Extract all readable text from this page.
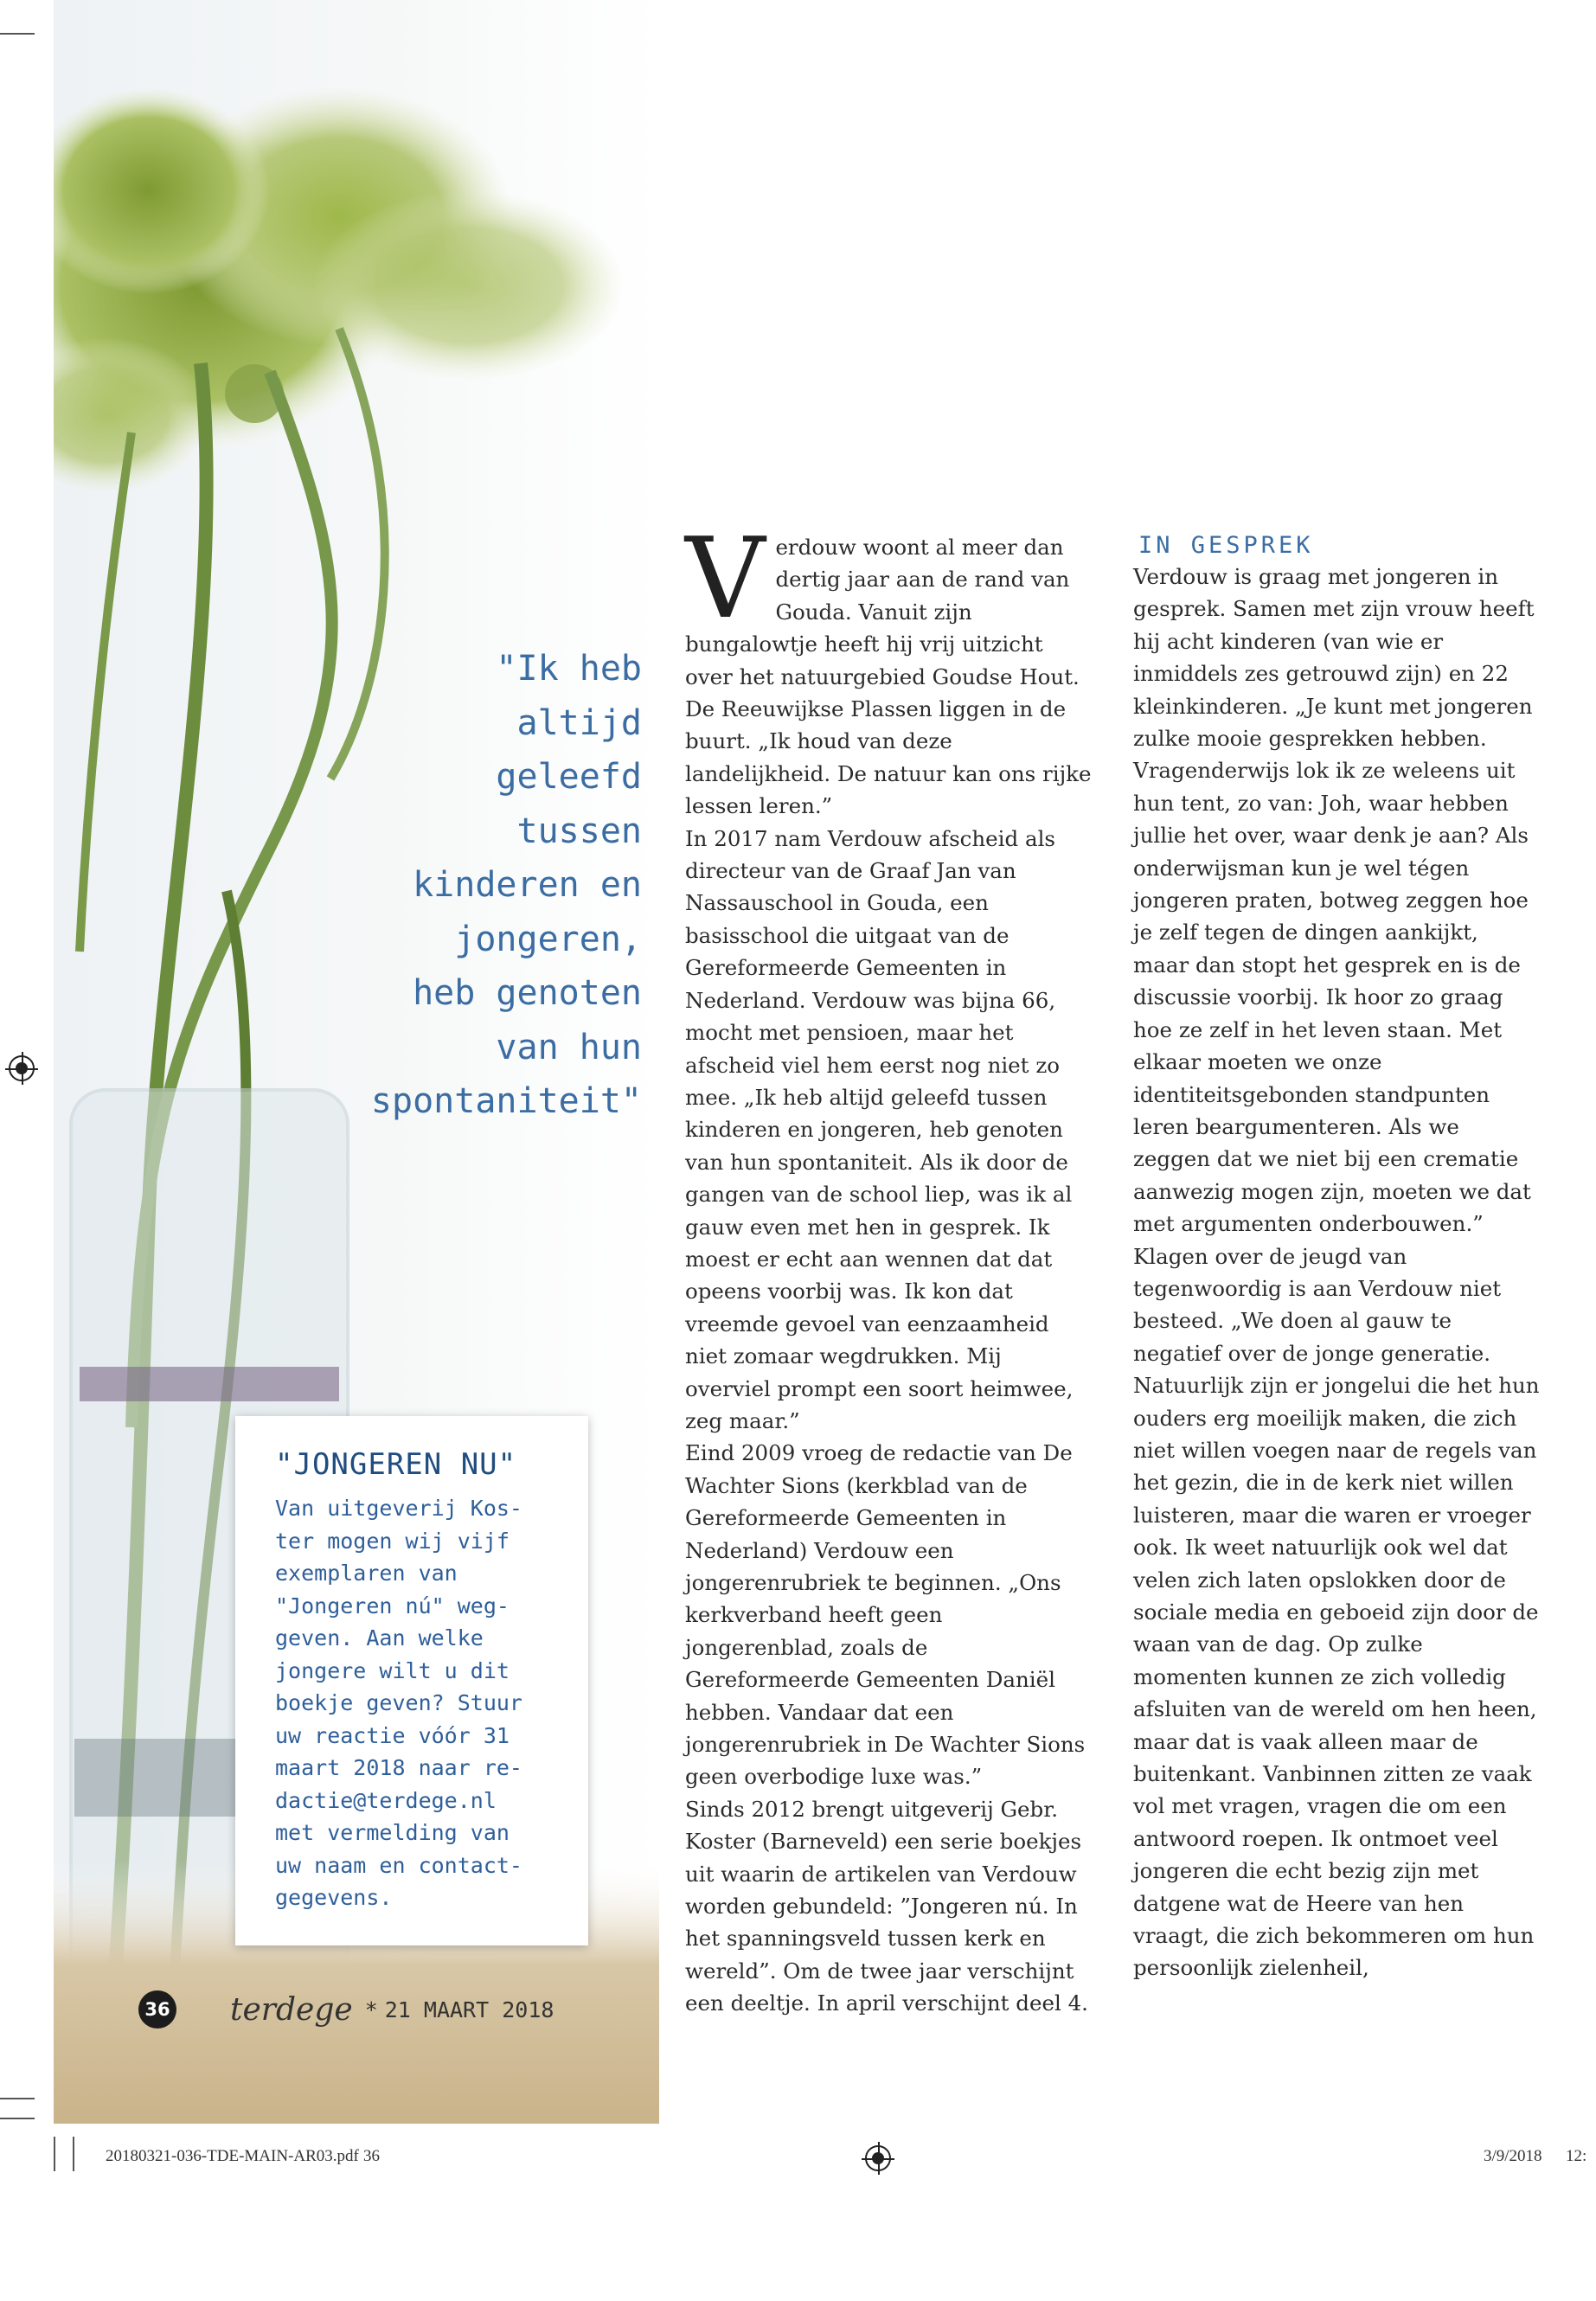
"Ik heb
altijd
geleefd
tussen
kinderen en
jongeren,
heb genoten
van hun
spontaniteit"
"JONGEREN NU"

Van uitgeverij Kos-
ter mogen wij vijf
exemplaren van
"Jongeren nú" weg-
geven. Aan welke
jongere wilt u dit
boekje geven? Stuur
uw reactie vóór 31
maart 2018 naar re-
dactie@terdege.nl
met vermelding van
uw naam en contact-
gegevens.

36 terdege * 21 MAART 2018
V erdouw woont al meer dan dertig jaar aan de rand van Gouda. Vanuit zijn bungalowtje heeft hij vrij uitzicht over het natuurgebied Goudse Hout. De Reeuwijkse Plassen liggen in de buurt. „Ik houd van deze landelijkheid. De natuur kan ons rijke lessen leren.”

In 2017 nam Verdouw afscheid als directeur van de Graaf Jan van Nassauschool in Gouda, een basisschool die uitgaat van de Gereformeerde Gemeenten in Nederland. Verdouw was bijna 66, mocht met pensioen, maar het afscheid viel hem eerst nog niet zo mee. „Ik heb altijd geleefd tussen kinderen en jongeren, heb genoten van hun spontaniteit. Als ik door de gangen van de school liep, was ik al gauw even met hen in gesprek. Ik moest er echt aan wennen dat dat opeens voorbij was. Ik kon dat vreemde gevoel van eenzaamheid niet zomaar wegdrukken. Mij overviel prompt een soort heimwee, zeg maar.”

Eind 2009 vroeg de redactie van De Wachter Sions (kerkblad van de Gereformeerde Gemeenten in Nederland) Verdouw een jongerenrubriek te beginnen. „Ons kerkverband heeft geen jongerenblad, zoals de Gereformeerde Gemeenten Daniël hebben. Vandaar dat een jongerenrubriek in De Wachter Sions geen overbodige luxe was.”

Sinds 2012 brengt uitgeverij Gebr. Koster (Barneveld) een serie boekjes uit waarin de artikelen van Verdouw worden gebundeld: ”Jongeren nú. In het spanningsveld tussen kerk en wereld”. Om de twee jaar verschijnt een deeltje. In april verschijnt deel 4.

IN GESPREK

Verdouw is graag met jongeren in gesprek. Samen met zijn vrouw heeft hij acht kinderen (van wie er inmiddels zes getrouwd zijn) en 22 kleinkinderen. „Je kunt met jongeren zulke mooie gesprekken hebben. Vragenderwijs lok ik ze weleens uit hun tent, zo van: Joh, waar hebben jullie het over, waar denk je aan? Als onderwijsman kun je wel tégen jongeren praten, botweg zeggen hoe je zelf tegen de dingen aankijkt, maar dan stopt het gesprek en is de discussie voorbij. Ik hoor zo graag hoe ze zelf in het leven staan. Met elkaar moeten we onze identiteitsgebonden standpunten leren beargumenteren. Als we zeggen dat we niet bij een crematie aanwezig mogen zijn, moeten we dat met argumenten onderbouwen.”

Klagen over de jeugd van tegenwoordig is aan Verdouw niet besteed. „We doen al gauw te negatief over de jonge generatie. Natuurlijk zijn er jongelui die het hun ouders erg moeilijk maken, die zich niet willen voegen naar de regels van het gezin, die in de kerk niet willen luisteren, maar die waren er vroeger ook. Ik weet natuurlijk ook wel dat velen zich laten opslokken door de sociale media en geboeid zijn door de waan van de dag. Op zulke momenten kunnen ze zich volledig afsluiten van de wereld om hen heen, maar dat is vaak alleen maar de buitenkant. Vanbinnen zitten ze vaak vol met vragen, vragen die om een antwoord roepen. Ik ontmoet veel jongeren die echt bezig zijn met datgene wat de Heere van hen vraagt, die zich bekommeren om hun persoonlijk zielenheil,

20180321-036-TDE-MAIN-AR03.pdf 36	3/9/2018 12:
